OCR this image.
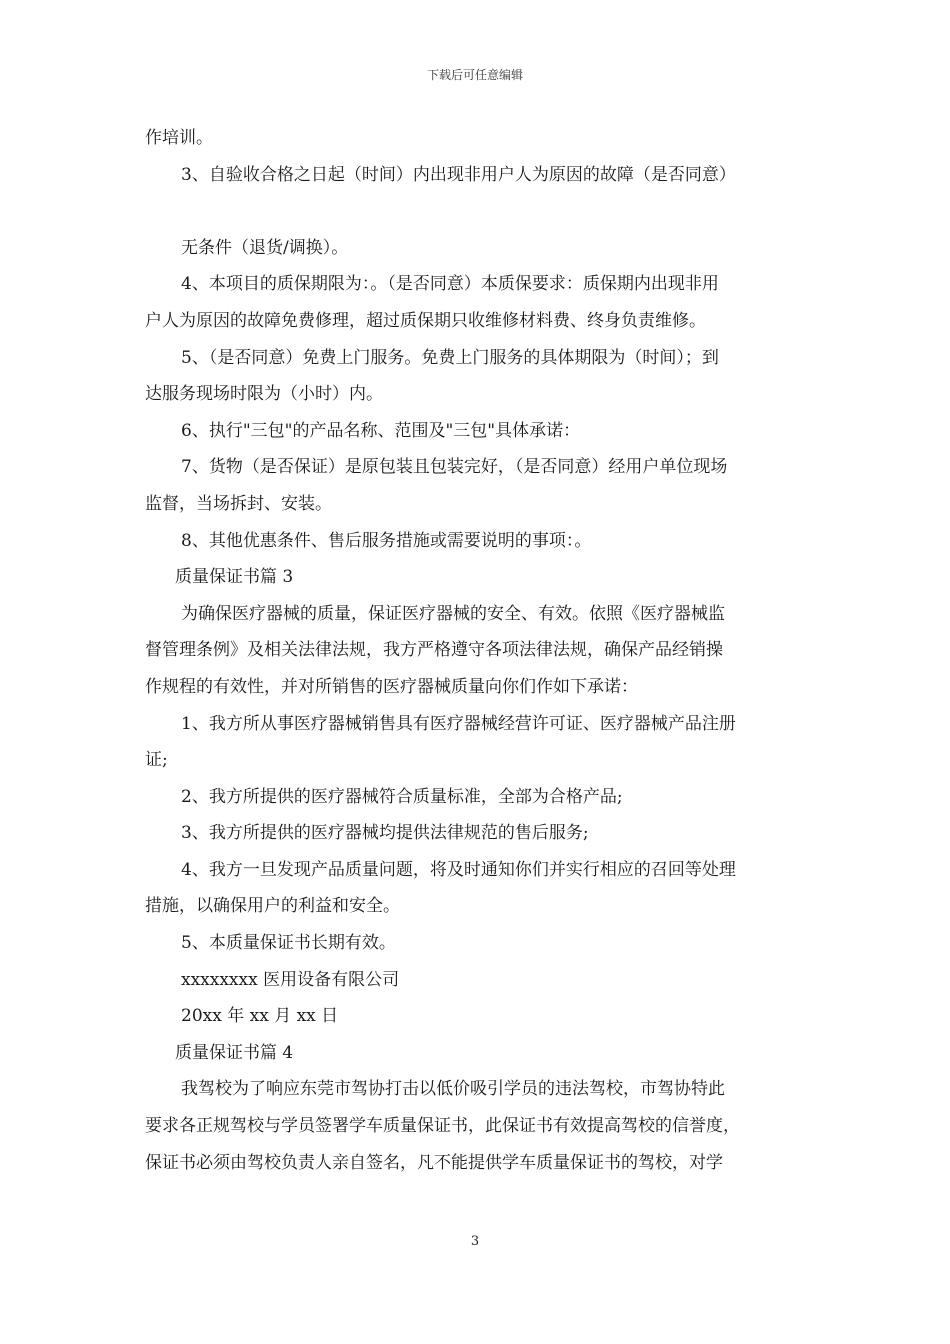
下载后可任意编辑

作培训。

3、自验收合格之日起（时间）内出现非用户人为原因的故障（是否同意）

无条件（退货/调换）。

4、本项目的质保期限为：。（是否同意）本质保要求：质保期内出现非用

户人为原因的故障免费修理，超过质保期只收维修材料费、终身负责维修。

5、（是否同意）免费上门服务。免费上门服务的具体期限为（时间）；到

达服务现场时限为（小时）内。

6、执行"三包"的产品名称、范围及"三包"具体承诺：

7、货物（是否保证）是原包装且包装完好，（是否同意）经用户单位现场

监督，当场拆封、安装。

8、其他优惠条件、售后服务措施或需要说明的事项：。

质量保证书篇 3

为确保医疗器械的质量，保证医疗器械的安全、有效。依照《医疗器械监

督管理条例》及相关法律法规，我方严格遵守各项法律法规，确保产品经销操

作规程的有效性，并对所销售的医疗器械质量向你们作如下承诺：

1、我方所从事医疗器械销售具有医疗器械经营许可证、医疗器械产品注册

证;

2、我方所提供的医疗器械符合质量标准，全部为合格产品;

3、我方所提供的医疗器械均提供法律规范的售后服务;

4、我方一旦发现产品质量问题，将及时通知你们并实行相应的召回等处理

措施，以确保用户的利益和安全。

5、本质量保证书长期有效。

xxxxxxxx 医用设备有限公司

20xx 年 xx 月 xx 日

质量保证书篇 4

我驾校为了响应东莞市驾协打击以低价吸引学员的违法驾校，市驾协特此

要求各正规驾校与学员签署学车质量保证书，此保证书有效提高驾校的信誉度，

保证书必须由驾校负责人亲自签名，凡不能提供学车质量保证书的驾校，对学

3
